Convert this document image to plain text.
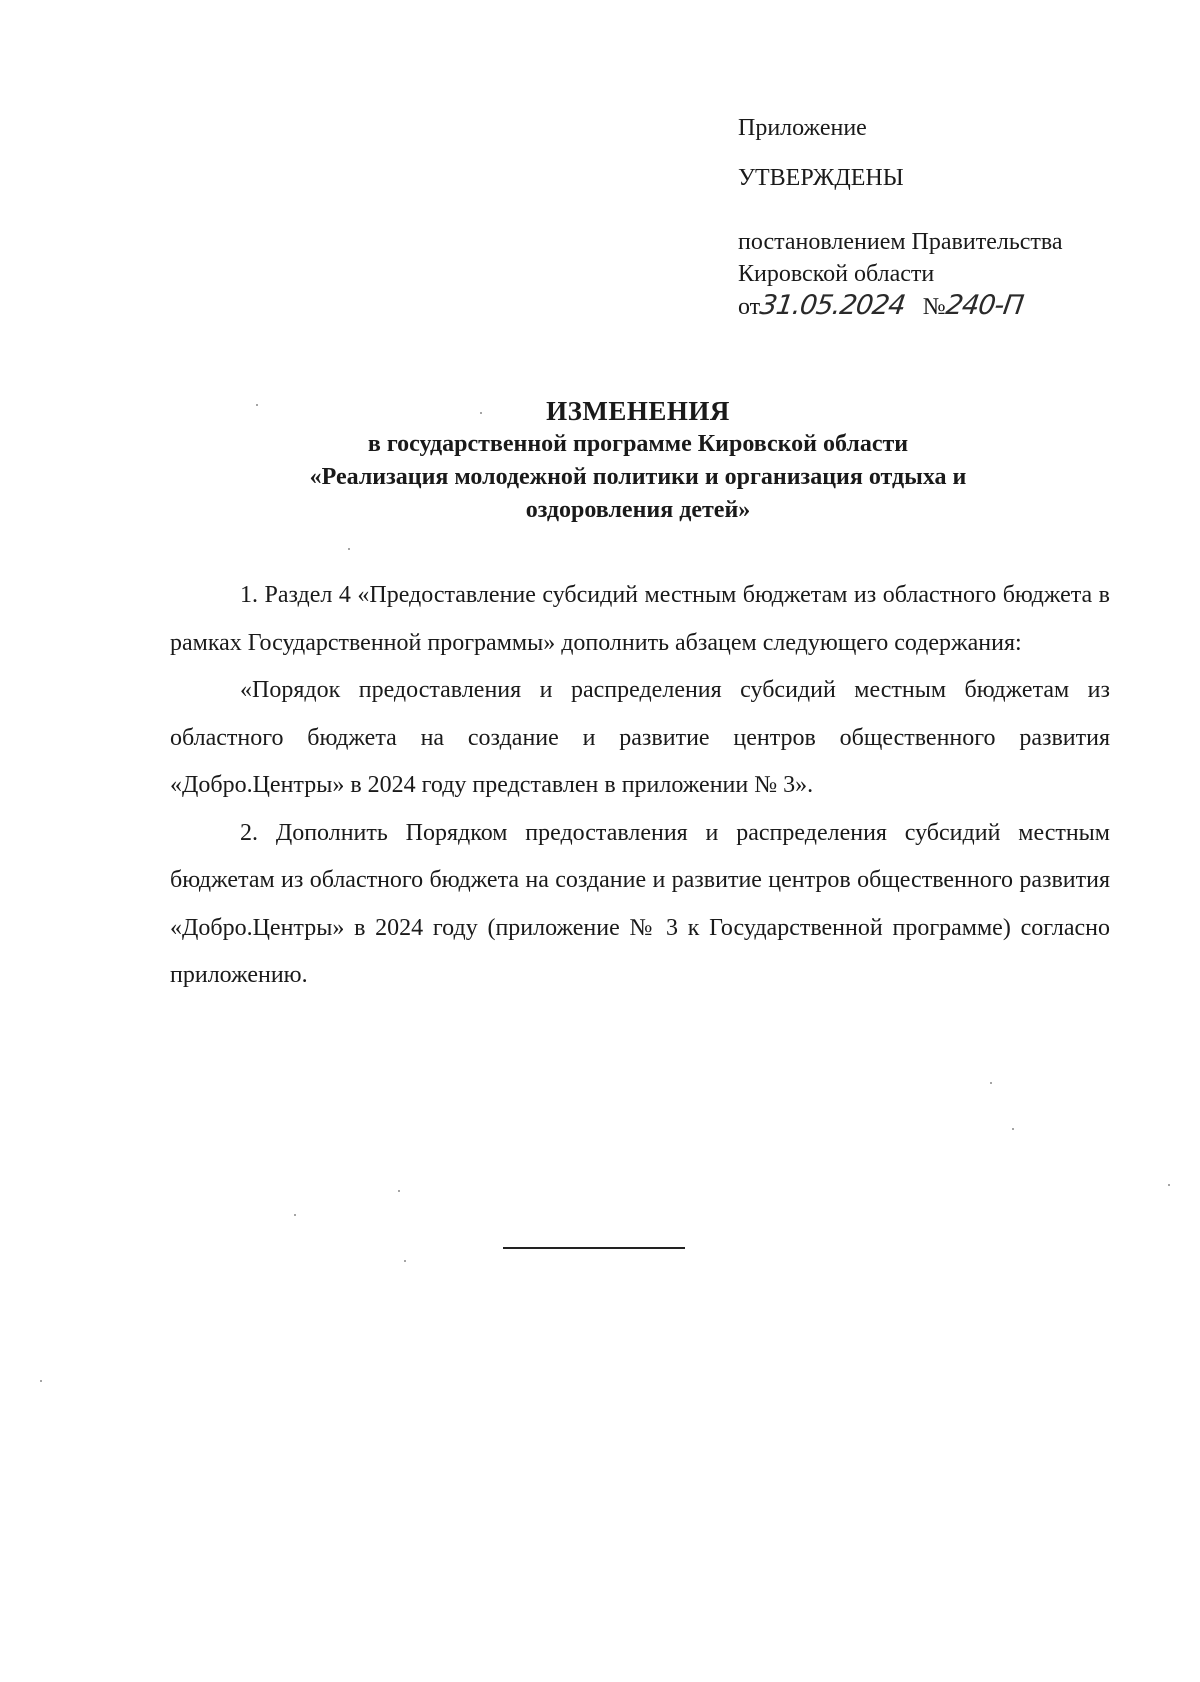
Приложение
УТВЕРЖДЕНЫ
постановлением Правительства
Кировской области
от31.05.2024 №240-П
ИЗМЕНЕНИЯ
в государственной программе Кировской области
«Реализация молодежной политики и организация отдыха и
оздоровления детей»

1. Раздел 4 «Предоставление субсидий местным бюджетам из областного бюджета в рамках Государственной программы» дополнить абзацем следующего содержания:

«Порядок предоставления и распределения субсидий местным бюджетам из областного бюджета на создание и развитие центров общественного развития «Добро.Центры» в 2024 году представлен в приложении № 3».

2. Дополнить Порядком предоставления и распределения субсидий местным бюджетам из областного бюджета на создание и развитие центров общественного развития «Добро.Центры» в 2024 году (приложение № 3 к Государственной программе) согласно приложению.
